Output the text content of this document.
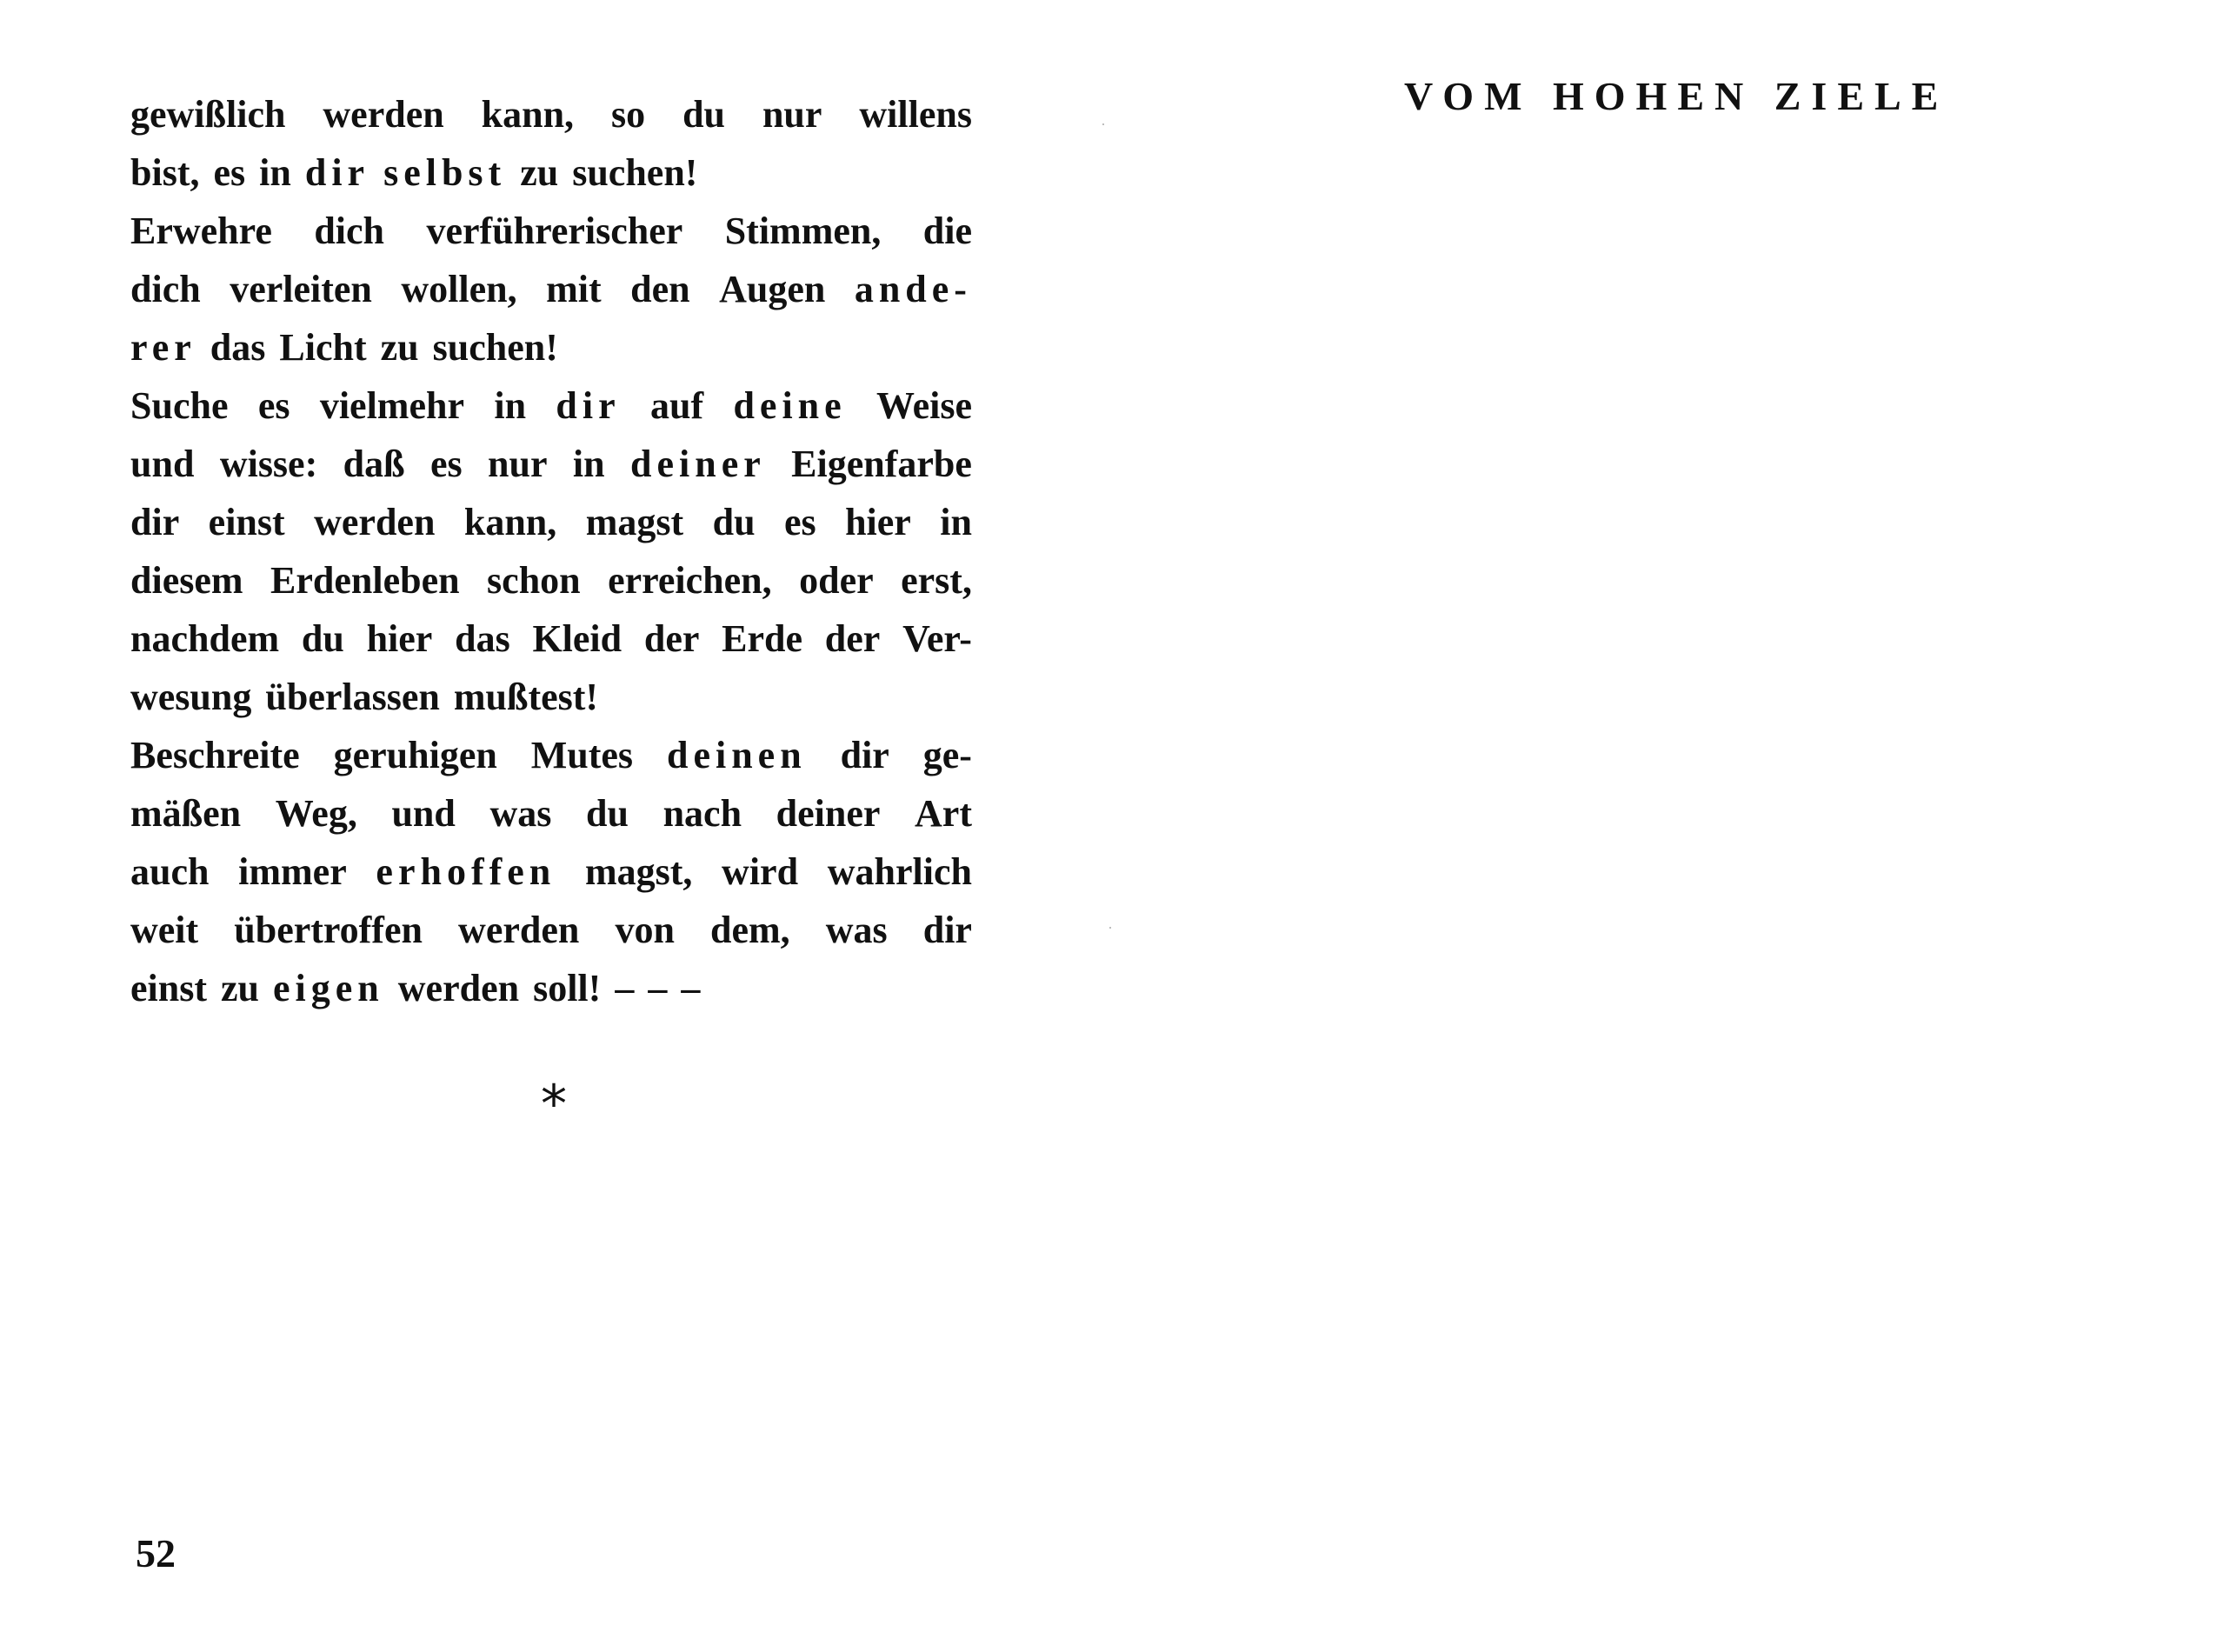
gewißlich werden kann, so du nur willens
bist, es in dir selbst zu suchen!
Erwehre dich verführerischer Stimmen, die
dich verleiten wollen, mit den Augen ande-
rer das Licht zu suchen!
Suche es vielmehr in dir auf deine Weise
und wisse: daß es nur in deiner Eigenfarbe
dir einst werden kann, magst du es hier in
diesem Erdenleben schon erreichen, oder erst,
nachdem du hier das Kleid der Erde der Ver-
wesung überlassen mußtest!
Beschreite geruhigen Mutes deinen dir ge-
mäßen Weg, und was du nach deiner Art
auch immer erhoffen magst, wird wahrlich
weit übertroffen werden von dem, was dir
einst zu eigen werden soll! – – –
*
52
VOM HOHEN ZIELE
